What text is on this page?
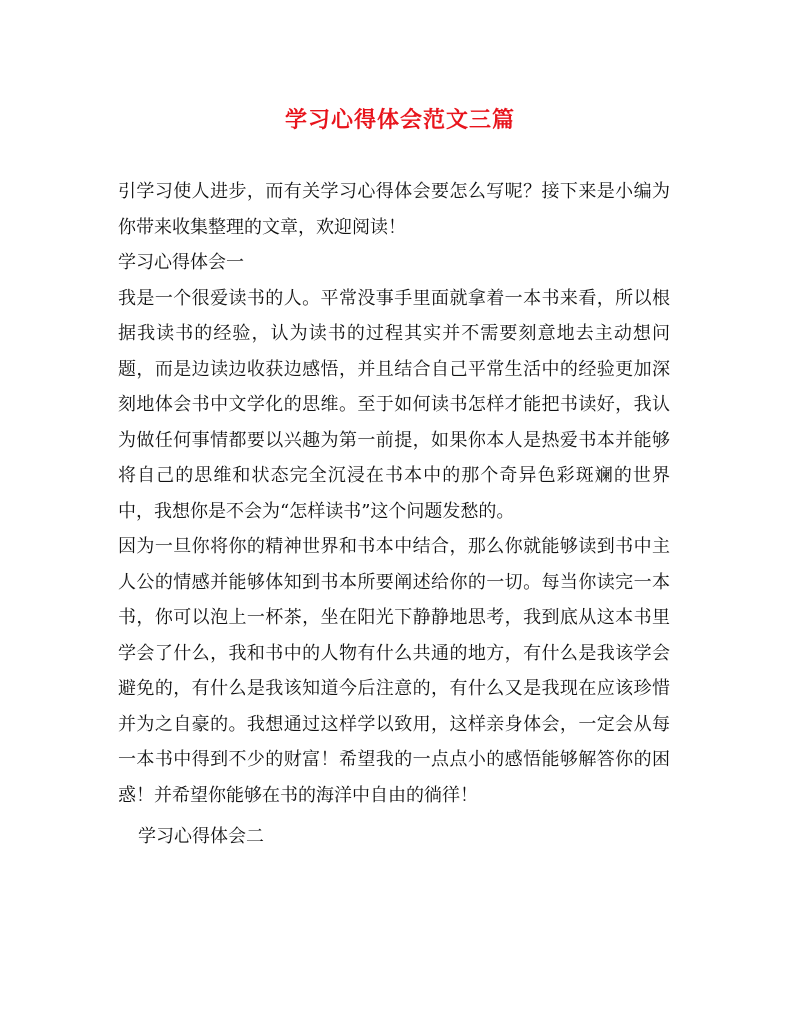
学习心得体会范文三篇

引学习使人进步，而有关学习心得体会要怎么写呢？接下来是小编为你带来收集整理的文章，欢迎阅读！

学习心得体会一

我是一个很爱读书的人。平常没事手里面就拿着一本书来看，所以根据我读书的经验，认为读书的过程其实并不需要刻意地去主动想问题，而是边读边收获边感悟，并且结合自己平常生活中的经验更加深刻地体会书中文学化的思维。至于如何读书怎样才能把书读好，我认为做任何事情都要以兴趣为第一前提，如果你本人是热爱书本并能够将自己的思维和状态完全沉浸在书本中的那个奇异色彩斑斓的世界中，我想你是不会为“怎样读书”这个问题发愁的。

因为一旦你将你的精神世界和书本中结合，那么你就能够读到书中主人公的情感并能够体知到书本所要阐述给你的一切。每当你读完一本书，你可以泡上一杯茶，坐在阳光下静静地思考，我到底从这本书里学会了什么，我和书中的人物有什么共通的地方，有什么是我该学会避免的，有什么是我该知道今后注意的，有什么又是我现在应该珍惜并为之自豪的。我想通过这样学以致用，这样亲身体会，一定会从每一本书中得到不少的财富！希望我的一点点小的感悟能够解答你的困惑！并希望你能够在书的海洋中自由的徜徉！

学习心得体会二
